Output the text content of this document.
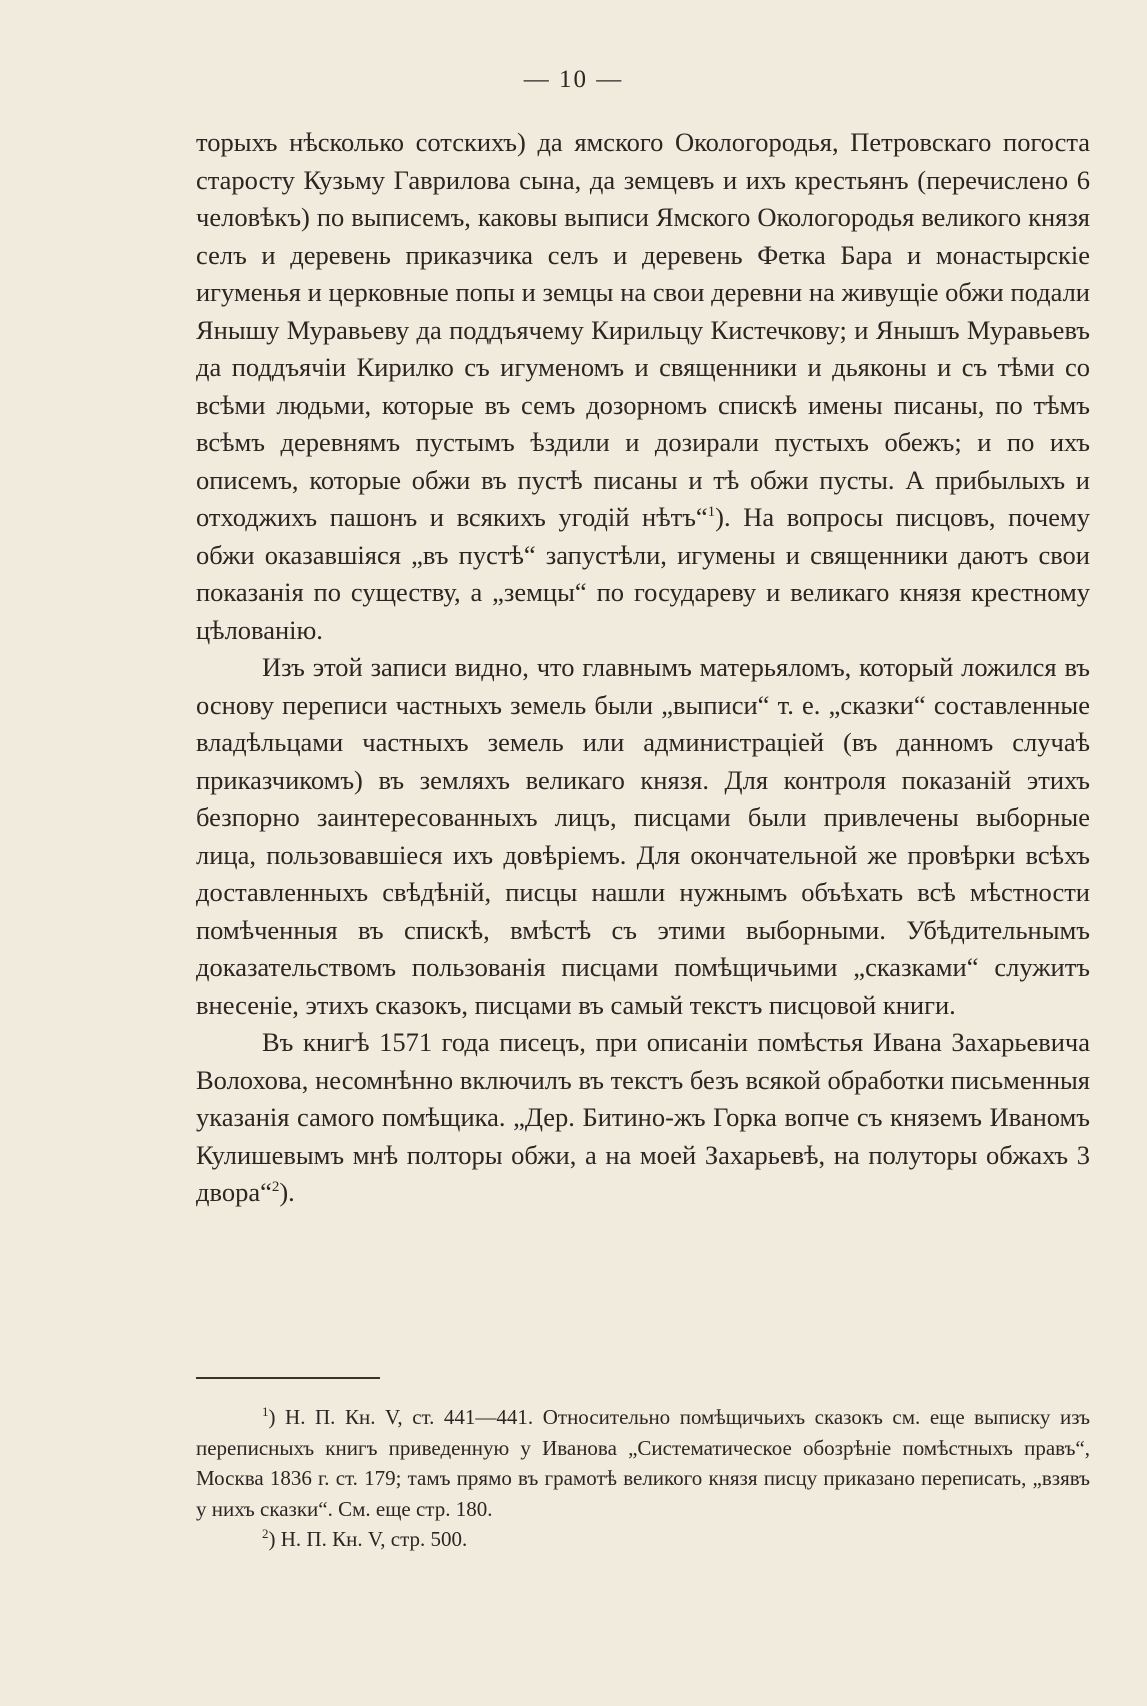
— 10 —

торыхъ нѣсколько сотскихъ) да ямского Окологородья, Петровскаго погоста старосту Кузьму Гаврилова сына, да земцевъ и ихъ крестьянъ (перечислено 6 человѣкъ) по выписемъ, каковы выписи Ямского Окологородья великого князя селъ и деревень приказчика селъ и деревень Фетка Бара и монастырскіе игуменья и церковные попы и земцы на свои деревни на живущіе обжи подали Янышу Муравьеву да поддъячему Кирильцу Кистечкову; и Янышъ Муравьевъ да поддъячіи Кирилко съ игуменомъ и священники и дьяконы и съ тѣми со всѣми людьми, которые въ семъ дозорномъ спискѣ имены писаны, по тѣмъ всѣмъ деревнямъ пустымъ ѣздили и дозирали пустыхъ обежъ; и по ихъ описемъ, которые обжи въ пустѣ писаны и тѣ обжи пусты. А прибылыхъ и отходжихъ пашонъ и всякихъ угодій нѣтъ“$^1$). На вопросы писцовъ, почему обжи оказавшіяся „въ пустѣ“ запустѣли, игумены и священники даютъ свои показанія по существу, а „земцы“ по государеву и великаго князя крестному цѣлованію.

Изъ этой записи видно, что главнымъ матерьяломъ, который ложился въ основу переписи частныхъ земель были „выписи“ т. е. „сказки“ составленные владѣльцами частныхъ земель или администраціей (въ данномъ случаѣ приказчикомъ) въ земляхъ великаго князя. Для контроля показаній этихъ безпорно заинтересованныхъ лицъ, писцами были привлечены выборные лица, пользовавшіеся ихъ довѣріемъ. Для окончательной же провѣрки всѣхъ доставленныхъ свѣдѣній, писцы нашли нужнымъ объѣхать всѣ мѣстности помѣченныя въ спискѣ, вмѣстѣ съ этими выборными. Убѣдительнымъ доказательствомъ пользованія писцами помѣщичьими „сказками“ служитъ внесеніе, этихъ сказокъ, писцами въ самый текстъ писцовой книги.

Въ книгѣ 1571 года писецъ, при описаніи помѣстья Ивана Захарьевича Волохова, несомнѣнно включилъ въ текстъ безъ всякой обработки письменныя указанія самого помѣщика. „Дер. Битино-жъ Горка вопче съ княземъ Иваномъ Кулишевымъ мнѣ полторы обжи, а на моей Захарьевѣ, на полуторы обжахъ 3 двора“$^2$).

$^1$) Н. П. Кн. V, ст. 441—441. Относительно помѣщичьихъ сказокъ см. еще выписку изъ переписныхъ книгъ приведенную у Иванова „Систематическое обозрѣніе помѣстныхъ правъ“, Москва 1836 г. ст. 179; тамъ прямо въ грамотѣ великого князя писцу приказано переписать, „взявъ у нихъ сказки“. См. еще стр. 180.

$^2$) Н. П. Кн. V, стр. 500.
